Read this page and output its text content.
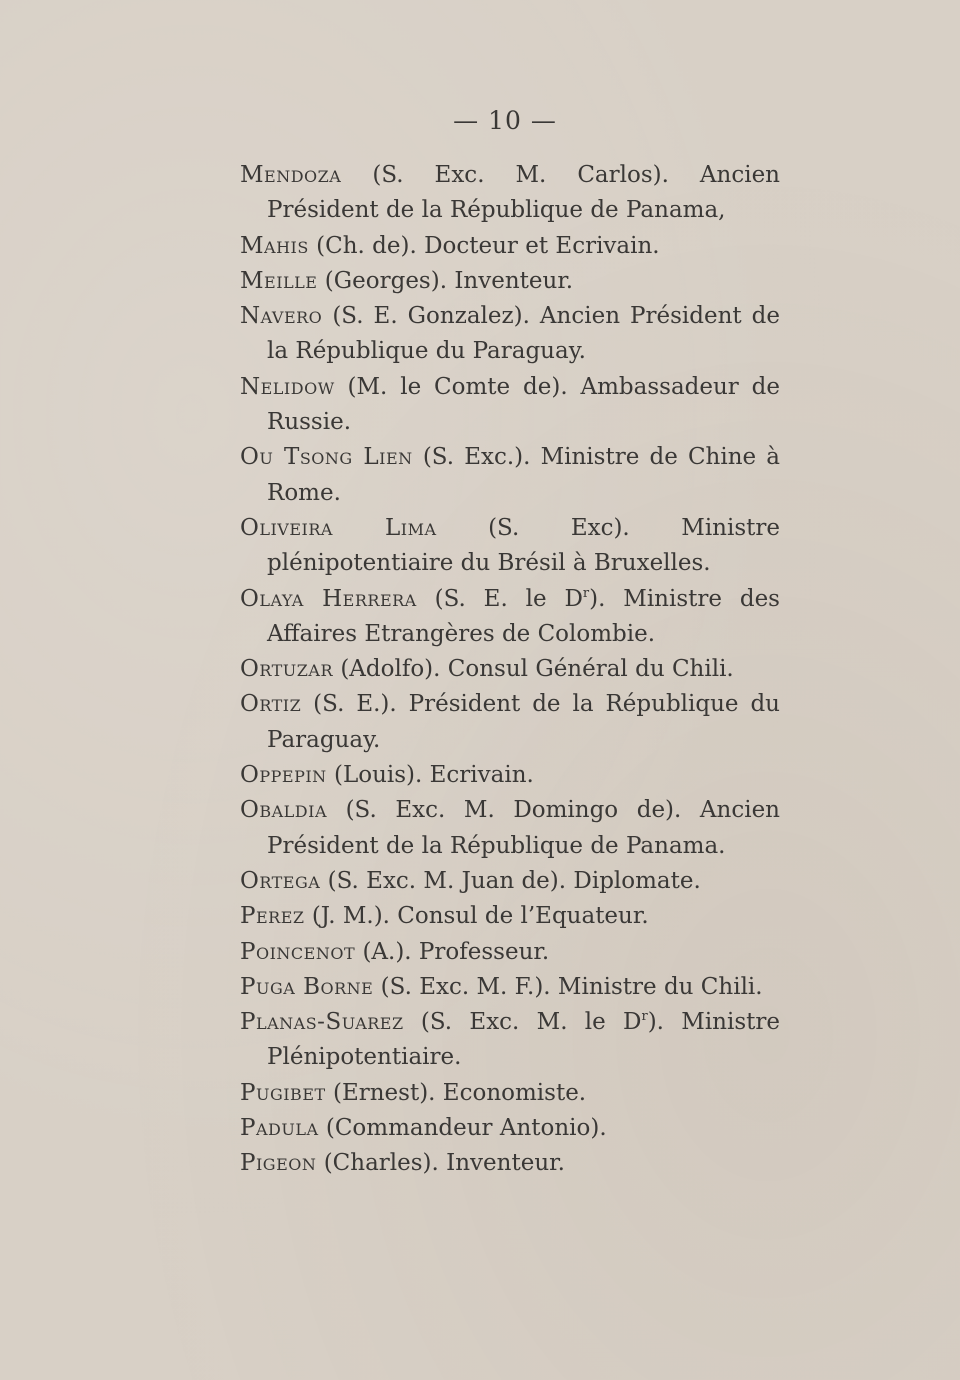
— 10 —
Mendoza (S. Exc. M. Carlos). Ancien Président de la République de Panama,
Mahis (Ch. de). Docteur et Ecrivain.
Meille (Georges). Inventeur.
Navero (S. E. Gonzalez). Ancien Président de la République du Paraguay.
Nelidow (M. le Comte de). Ambassadeur de Russie.
Ou Tsong Lien (S. Exc.). Ministre de Chine à Rome.
Oliveira Lima (S. Exc). Ministre plénipotentiaire du Brésil à Bruxelles.
Olaya Herrera (S. E. le $D^r$). Ministre des Affaires Etrangères de Colombie.
Ortuzar (Adolfo). Consul Général du Chili.
Ortiz (S. E.). Président de la République du Paraguay.
Oppepin (Louis). Ecrivain.
Obaldia (S. Exc. M. Domingo de). Ancien Président de la République de Panama.
Ortega (S. Exc. M. Juan de). Diplomate.
Perez (J. M.). Consul de l’Equateur.
Poincenot (A.). Professeur.
Puga Borne (S. Exc. M. F.). Ministre du Chili.
Planas-Suarez (S. Exc. M. le $D^r$). Ministre Plénipotentiaire.
Pugibet (Ernest). Economiste.
Padula (Commandeur Antonio).
Pigeon (Charles). Inventeur.
